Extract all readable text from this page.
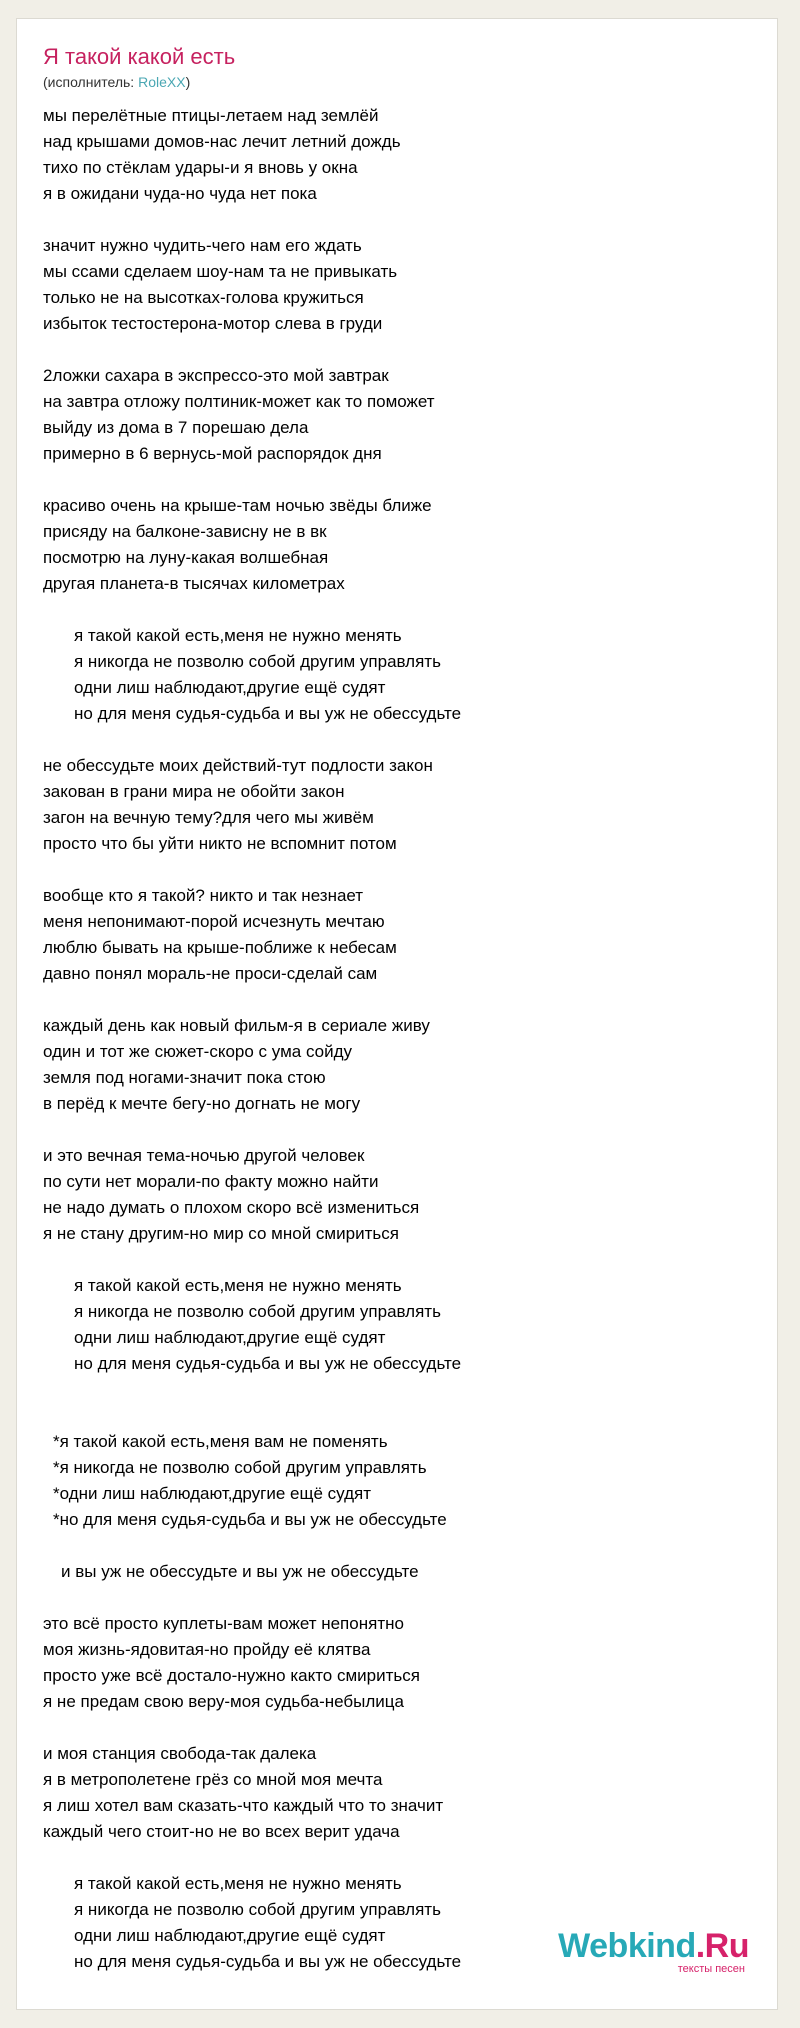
Я такой какой есть
(исполнитель: RoleXX)
мы перелётные птицы-летаем над землёй
над крышами домов-нас лечит летний дождь
тихо по стёклам удары-и я вновь у окна
я в ожидани чуда-но чуда нет пока
значит нужно чудить-чего нам его ждать
мы ссами сделаем шоу-нам та не привыкать
только не на высотках-голова кружиться
избыток тестостерона-мотор слева в груди
2ложки сахара в экспрессо-это мой завтрак
на завтра отложу полтиник-может как то поможет
выйду из дома в 7 порешаю дела
примерно в 6 вернусь-мой распорядок дня
красиво очень на крыше-там ночью звёды ближе
присяду на балконе-зависну не в вк
посмотрю на луну-какая волшебная
другая планета-в тысячах километрах
я такой какой есть,меня не нужно менять
я никогда не позволю собой другим управлять
одни лиш наблюдают,другие ещё судят
но для меня судья-судьба и вы уж не обессудьте
не обессудьте моих действий-тут подлости закон
закован в грани мира не обойти закон
загон на вечную тему?для чего мы живём
просто что бы уйти никто не вспомнит потом
вообще кто я такой? никто и так незнает
меня непонимают-порой исчезнуть мечтаю
люблю бывать на крыше-поближе к небесам
давно понял мораль-не проси-сделай сам
каждый день как новый фильм-я в сериале живу
один и тот же сюжет-скоро с ума сойду
земля под ногами-значит пока стою
в перёд к мечте бегу-но догнать не могу
и это вечная тема-ночью другой человек
по сути нет морали-по факту можно найти
не надо думать о плохом скоро всё измениться
я не стану другим-но мир со мной смириться
я такой какой есть,меня не нужно менять
я никогда не позволю собой другим управлять
одни лиш наблюдают,другие ещё судят
но для меня судья-судьба и вы уж не обессудьте
*я такой какой есть,меня вам не поменять
*я никогда не позволю собой другим управлять
*одни лиш наблюдают,другие ещё судят
*но для меня судья-судьба и вы уж не обессудьте
и вы уж не обессудьте и вы уж не обессудьте
это всё просто куплеты-вам может непонятно
моя жизнь-ядовитая-но пройду её клятва
просто уже всё достало-нужно както смириться
я не предам свою веру-моя судьба-небылица
и моя станция свобода-так далека
я в метрополетене грёз со мной моя мечта
я лиш хотел вам сказать-что каждый что то значит
каждый чего стоит-но не во всех верит удача
я такой какой есть,меня не нужно менять
я никогда не позволю собой другим управлять
одни лиш наблюдают,другие ещё судят
но для меня судья-судьба и вы уж не обессудьте	Webkind.Ru
тексты песен
